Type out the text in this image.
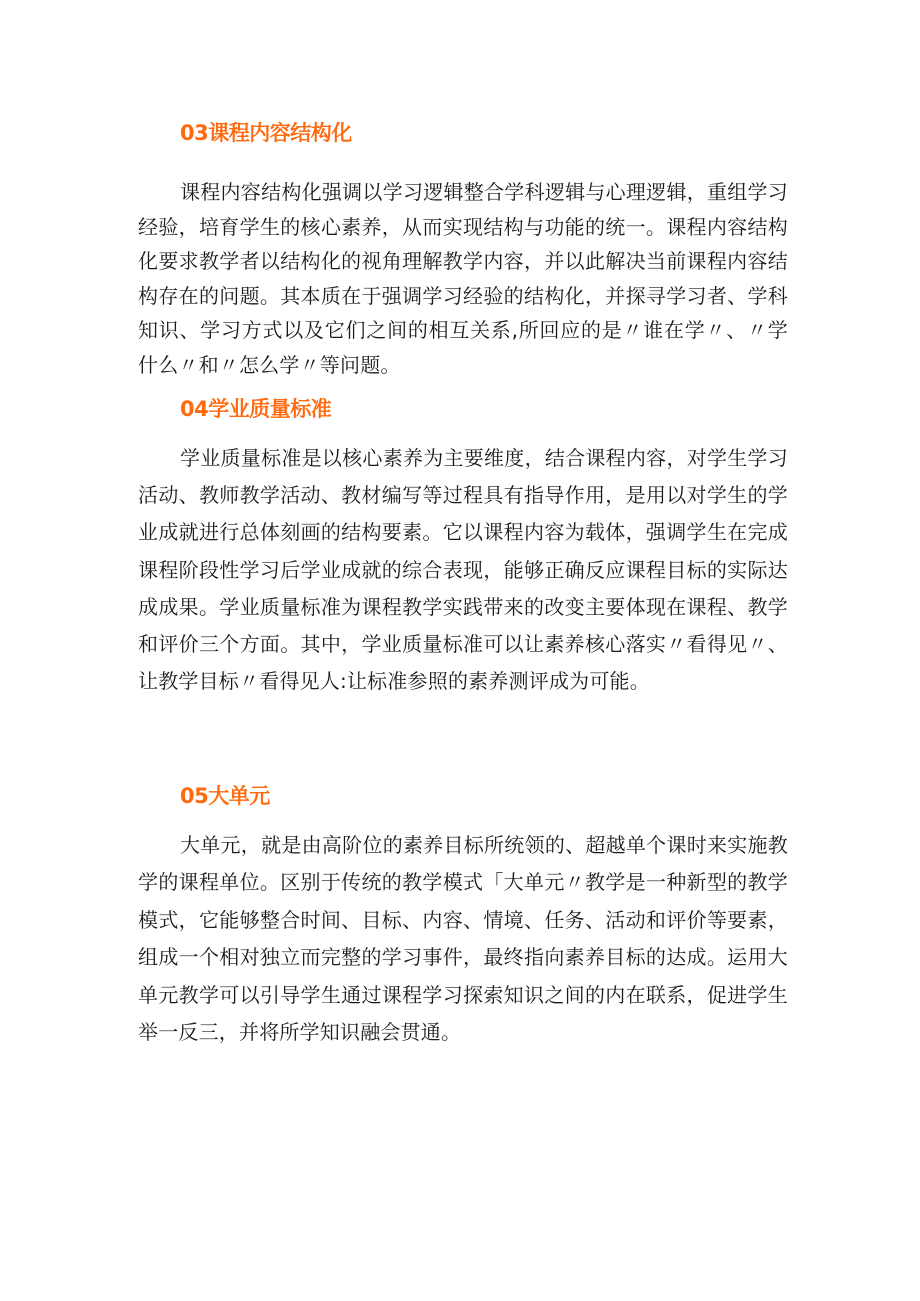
03课程内容结构化

课程内容结构化强调以学习逻辑整合学科逻辑与心理逻辑，重组学习经验，培育学生的核心素养，从而实现结构与功能的统一。课程内容结构化要求教学者以结构化的视角理解教学内容，并以此解决当前课程内容结构存在的问题。其本质在于强调学习经验的结构化，并探寻学习者、学科知识、学习方式以及它们之间的相互关系,所回应的是〃谁在学〃、〃学什么〃和〃怎么学〃等问题。

04学业质量标准

学业质量标准是以核心素养为主要维度，结合课程内容，对学生学习活动、教师教学活动、教材编写等过程具有指导作用，是用以对学生的学业成就进行总体刻画的结构要素。它以课程内容为载体，强调学生在完成课程阶段性学习后学业成就的综合表现，能够正确反应课程目标的实际达成成果。学业质量标准为课程教学实践带来的改变主要体现在课程、教学和评价三个方面。其中，学业质量标准可以让素养核心落实〃看得见〃、让教学目标〃看得见人:让标准参照的素养测评成为可能。

05大单元

大单元，就是由高阶位的素养目标所统领的、超越单个课时来实施教学的课程单位。区别于传统的教学模式「大单元〃教学是一种新型的教学模式，它能够整合时间、目标、内容、情境、任务、活动和评价等要素，组成一个相对独立而完整的学习事件，最终指向素养目标的达成。运用大单元教学可以引导学生通过课程学习探索知识之间的内在联系，促进学生举一反三，并将所学知识融会贯通。
